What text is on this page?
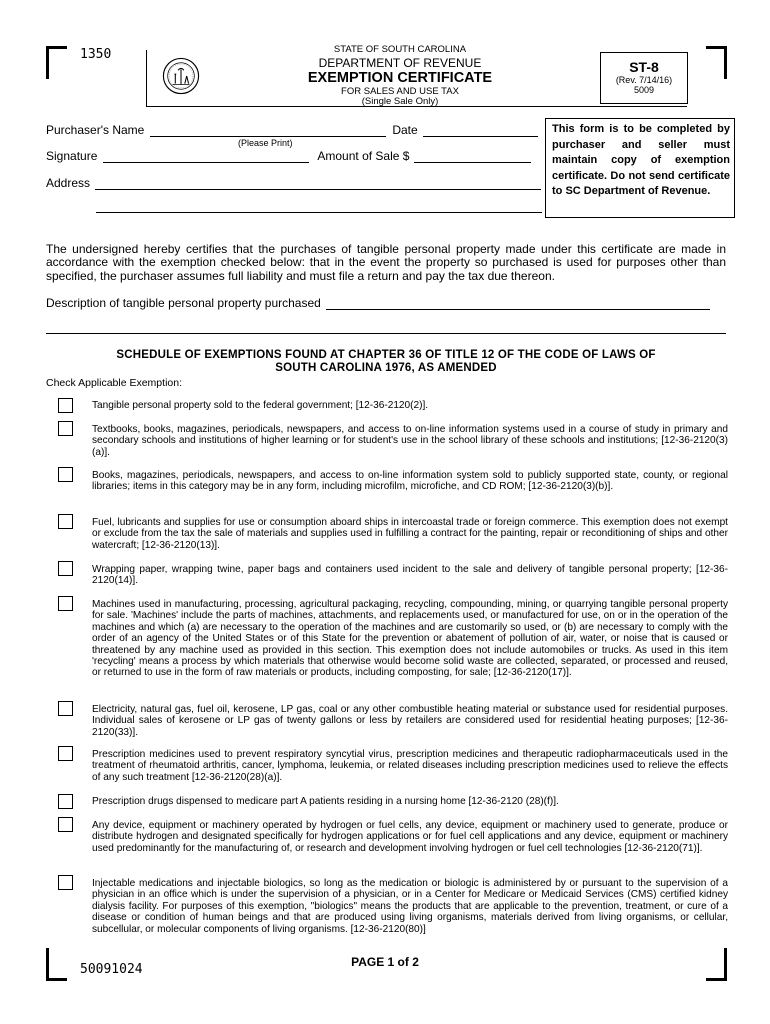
1350	STATE OF SOUTH CAROLINA
DEPARTMENT OF REVENUE
EXEMPTION CERTIFICATE
FOR SALES AND USE TAX
(Single Sale Only)
ST-8
(Rev. 7/14/16)
5009
Purchaser's Name	Date
(Please Print)
Signature	Amount of Sale $
Address
This form is to be completed by purchaser and seller must maintain copy of exemption certificate. Do not send certificate to SC Department of Revenue.
The undersigned hereby certifies that the purchases of tangible personal property made under this certificate are made in accordance with the exemption checked below: that in the event the property so purchased is used for purposes other than specified, the purchaser assumes full liability and must file a return and pay the tax due thereon.
Description of tangible personal property purchased
SCHEDULE OF EXEMPTIONS FOUND AT CHAPTER 36 OF TITLE 12 OF THE CODE OF LAWS OF
SOUTH CAROLINA 1976, AS AMENDED
Check Applicable Exemption:
Tangible personal property sold to the federal government; [12-36-2120(2)].
Textbooks, books, magazines, periodicals, newspapers, and access to on-line information systems used in a course of study in primary and secondary schools and institutions of higher learning or for student's use in the school library of these schools and institutions; [12-36-2120(3)(a)].
Books, magazines, periodicals, newspapers, and access to on-line information system sold to publicly supported state, county, or regional libraries; items in this category may be in any form, including microfilm, microfiche, and CD ROM; [12-36-2120(3)(b)].
Fuel, lubricants and supplies for use or consumption aboard ships in intercoastal trade or foreign commerce. This exemption does not exempt or exclude from the tax the sale of materials and supplies used in fulfilling a contract for the painting, repair or reconditioning of ships and other watercraft; [12-36-2120(13)].
Wrapping paper, wrapping twine, paper bags and containers used incident to the sale and delivery of tangible personal property; [12-36-2120(14)].
Machines used in manufacturing, processing, agricultural packaging, recycling, compounding, mining, or quarrying tangible personal property for sale. 'Machines' include the parts of machines, attachments, and replacements used, or manufactured for use, on or in the operation of the machines and which (a) are necessary to the operation of the machines and are customarily so used, or (b) are necessary to comply with the order of an agency of the United States or of this State for the prevention or abatement of pollution of air, water, or noise that is caused or threatened by any machine used as provided in this section. This exemption does not include automobiles or trucks. As used in this item 'recycling' means a process by which materials that otherwise would become solid waste are collected, separated, or processed and reused, or returned to use in the form of raw materials or products, including composting, for sale; [12-36-2120(17)].
Electricity, natural gas, fuel oil, kerosene, LP gas, coal or any other combustible heating material or substance used for residential purposes. Individual sales of kerosene or LP gas of twenty gallons or less by retailers are considered used for residential heating purposes; [12-36-2120(33)].
Prescription medicines used to prevent respiratory syncytial virus, prescription medicines and therapeutic radiopharmaceuticals used in the treatment of rheumatoid arthritis, cancer, lymphoma, leukemia, or related diseases including prescription medicines used to relieve the effects of any such treatment [12-36-2120(28)(a)].
Prescription drugs dispensed to medicare part A patients residing in a nursing home [12-36-2120 (28)(f)].
Any device, equipment or machinery operated by hydrogen or fuel cells, any device, equipment or machinery used to generate, produce or distribute hydrogen and designated specifically for hydrogen applications or for fuel cell applications and any device, equipment or machinery used predominantly for the manufacturing of, or research and development involving hydrogen or fuel cell technologies [12-36-2120(71)].
Injectable medications and injectable biologics, so long as the medication or biologic is administered by or pursuant to the supervision of a physician in an office which is under the supervision of a physician, or in a Center for Medicare or Medicaid Services (CMS) certified kidney dialysis facility. For purposes of this exemption, "biologics" means the products that are applicable to the prevention, treatment, or cure of a disease or condition of human beings and that are produced using living organisms, materials derived from living organisms, or cellular, subcellular, or molecular components of living organisms. [12-36-2120(80)]
PAGE 1 of 2
50091024
